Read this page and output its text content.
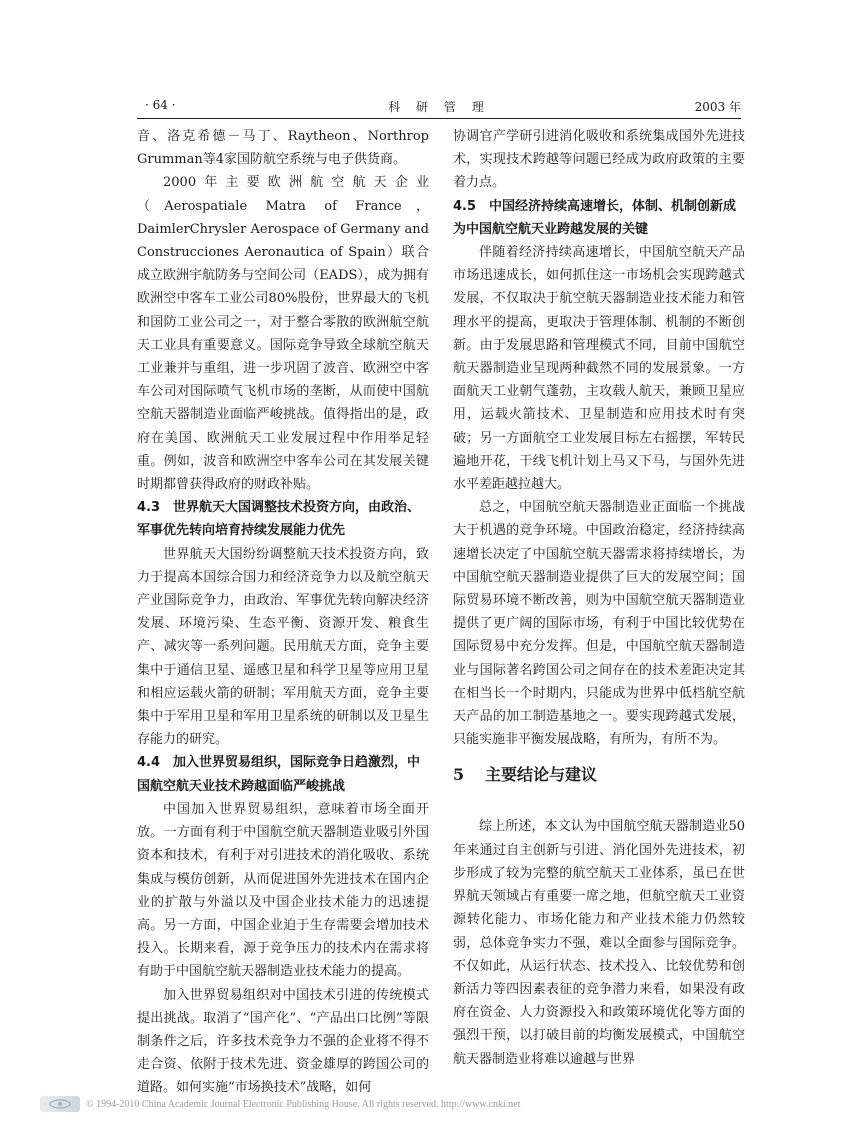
· 64 ·	科 研 管 理	2003 年

音、洛克希德－马丁、Raytheon、Northrop Grumman等4家国防航空系统与电子供货商。

2000年主要欧洲航空航天企业（Aerospatiale Matra of France，DaimlerChrysler Aerospace of Germany and Construcciones Aeronautica of Spain）联合成立欧洲宇航防务与空间公司（EADS），成为拥有欧洲空中客车工业公司80%股份，世界最大的飞机和国防工业公司之一，对于整合零散的欧洲航空航天工业具有重要意义。国际竞争导致全球航空航天工业兼并与重组，进一步巩固了波音、欧洲空中客车公司对国际喷气飞机市场的垄断，从而使中国航空航天器制造业面临严峻挑战。值得指出的是，政府在美国、欧洲航天工业发展过程中作用举足轻重。例如，波音和欧洲空中客车公司在其发展关键时期都曾获得政府的财政补贴。

4.3　世界航天大国调整技术投资方向，由政治、军事优先转向培育持续发展能力优先

世界航天大国纷纷调整航天技术投资方向，致力于提高本国综合国力和经济竞争力以及航空航天产业国际竞争力，由政治、军事优先转向解决经济发展、环境污染、生态平衡、资源开发、粮食生产、减灾等一系列问题。民用航天方面，竞争主要集中于通信卫星、遥感卫星和科学卫星等应用卫星和相应运载火箭的研制；军用航天方面，竞争主要集中于军用卫星和军用卫星系统的研制以及卫星生存能力的研究。

4.4　加入世界贸易组织，国际竞争日趋激烈，中国航空航天业技术跨越面临严峻挑战

中国加入世界贸易组织，意味着市场全面开放。一方面有利于中国航空航天器制造业吸引外国资本和技术，有利于对引进技术的消化吸收、系统集成与模仿创新，从而促进国外先进技术在国内企业的扩散与外溢以及中国企业技术能力的迅速提高。另一方面，中国企业迫于生存需要会增加技术投入。长期来看，源于竞争压力的技术内在需求将有助于中国航空航天器制造业技术能力的提高。

加入世界贸易组织对中国技术引进的传统模式提出挑战。取消了“国产化”、“产品出口比例”等限制条件之后，许多技术竞争力不强的企业将不得不走合资、依附于技术先进、资金雄厚的跨国公司的道路。如何实施“市场换技术”战略，如何

协调官产学研引进消化吸收和系统集成国外先进技术，实现技术跨越等问题已经成为政府政策的主要着力点。

4.5　中国经济持续高速增长，体制、机制创新成为中国航空航天业跨越发展的关键

伴随着经济持续高速增长，中国航空航天产品市场迅速成长，如何抓住这一市场机会实现跨越式发展，不仅取决于航空航天器制造业技术能力和管理水平的提高，更取决于管理体制、机制的不断创新。由于发展思路和管理模式不同，目前中国航空航天器制造业呈现两种截然不同的发展景象。一方面航天工业朝气蓬勃，主攻载人航天，兼顾卫星应用，运载火箭技术、卫星制造和应用技术时有突破；另一方面航空工业发展目标左右摇摆，军转民遍地开花，干线飞机计划上马又下马，与国外先进水平差距越拉越大。

总之，中国航空航天器制造业正面临一个挑战大于机遇的竞争环境。中国政治稳定，经济持续高速增长决定了中国航空航天器需求将持续增长，为中国航空航天器制造业提供了巨大的发展空间；国际贸易环境不断改善，则为中国航空航天器制造业提供了更广阔的国际市场，有利于中国比较优势在国际贸易中充分发挥。但是，中国航空航天器制造业与国际著名跨国公司之间存在的技术差距决定其在相当长一个时期内，只能成为世界中低档航空航天产品的加工制造基地之一。要实现跨越式发展，只能实施非平衡发展战略，有所为，有所不为。

5 主要结论与建议

综上所述，本文认为中国航空航天器制造业50年来通过自主创新与引进、消化国外先进技术，初步形成了较为完整的航空航天工业体系，虽已在世界航天领域占有重要一席之地，但航空航天工业资源转化能力、市场化能力和产业技术能力仍然较弱，总体竞争实力不强，难以全面参与国际竞争。不仅如此，从运行状态、技术投入、比较优势和创新活力等四因素表征的竞争潜力来看，如果没有政府在资金、人力资源投入和政策环境优化等方面的强烈干预，以打破目前的均衡发展模式，中国航空航天器制造业将难以逾越与世界

© 1994-2010 China Academic Journal Electronic Publishing House. All rights reserved. http://www.cnki.net
